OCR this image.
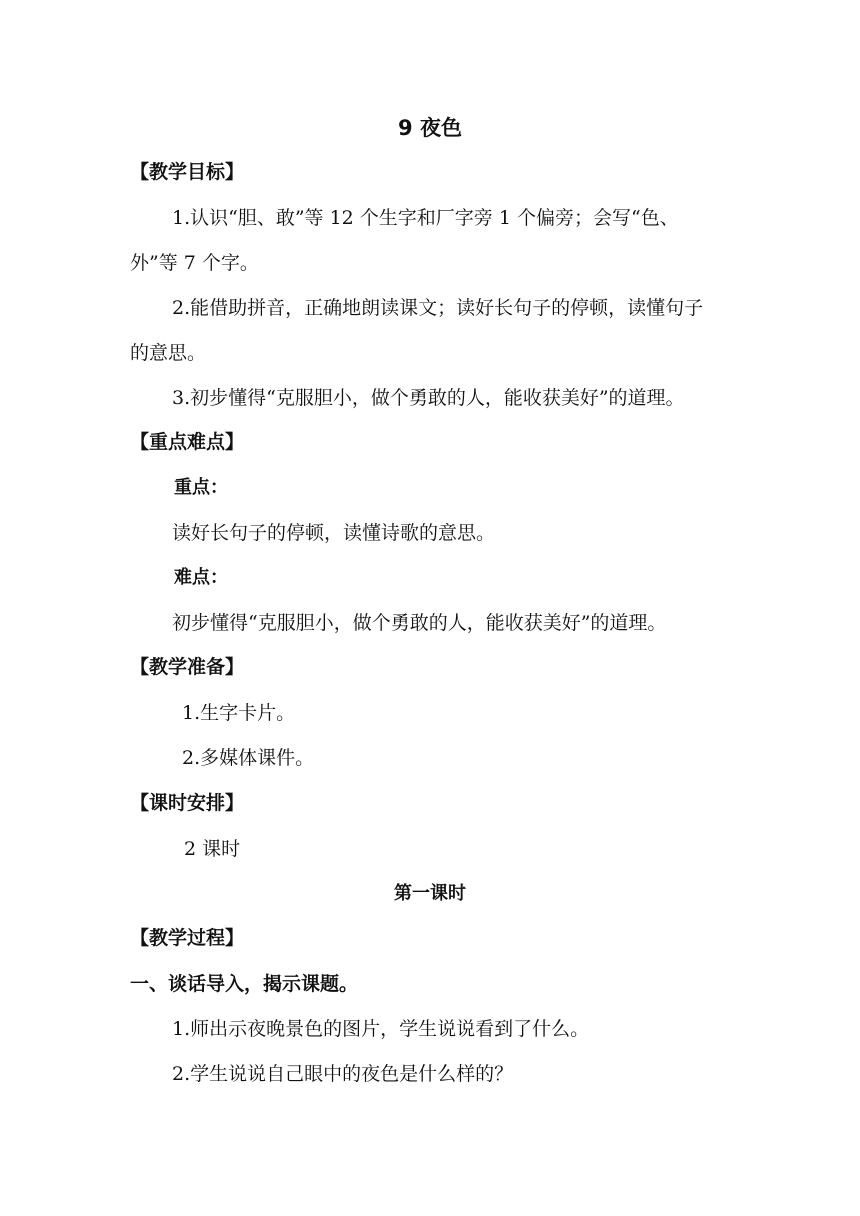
9 夜色
【教学目标】
1.认识“胆、敢”等 12 个生字和厂字旁 1 个偏旁；会写“色、
外”等 7 个字。
2.能借助拼音，正确地朗读课文；读好长句子的停顿，读懂句子
的意思。
3.初步懂得“克服胆小，做个勇敢的人，能收获美好”的道理。
【重点难点】
重点：
读好长句子的停顿，读懂诗歌的意思。
难点：
初步懂得“克服胆小，做个勇敢的人，能收获美好”的道理。
【教学准备】
1.生字卡片。
2.多媒体课件。
【课时安排】
2 课时
第一课时
【教学过程】
一、谈话导入，揭示课题。
1.师出示夜晚景色的图片，学生说说看到了什么。
2.学生说说自己眼中的夜色是什么样的？
